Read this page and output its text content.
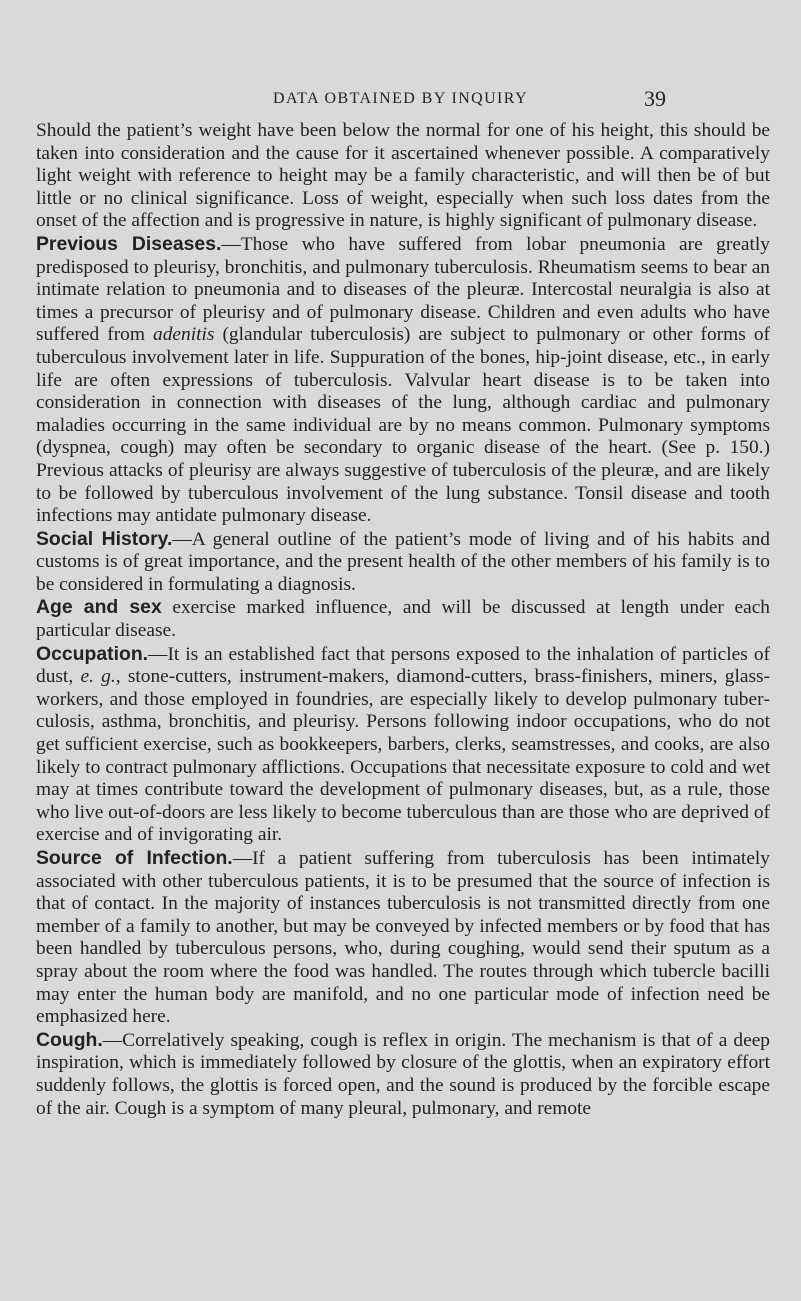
DATA OBTAINED BY INQUIRY	39

Should the patient’s weight have been below the normal for one of his height, this should be taken into consideration and the cause for it ascertained whenever possible. A comparatively light weight with reference to height may be a family characteristic, and will then be of but little or no clinical significance. Loss of weight, especially when such loss dates from the onset of the affection and is progressive in nature, is highly significant of pulmonary disease.

Previous Diseases.—Those who have suffered from lobar pneumonia are greatly predisposed to pleurisy, bronchitis, and pulmonary tuberculosis. Rheumatism seems to bear an intimate relation to pneumonia and to diseases of the pleuræ. Intercostal neuralgia is also at times a precursor of pleurisy and of pulmonary disease. Children and even adults who have suffered from adenitis (glandular tuberculosis) are subject to pulmonary or other forms of tuberculous involvement later in life. Suppuration of the bones, hip-joint disease, etc., in early life are often expressions of tuberculosis. Valvular heart disease is to be taken into consideration in connection with diseases of the lung, although cardiac and pulmonary maladies occurring in the same individual are by no means common. Pulmonary symptoms (dyspnea, cough) may often be secondary to organic disease of the heart. (See p. 150.) Previous attacks of pleurisy are always suggestive of tuberculosis of the pleuræ, and are likely to be followed by tuberculous involvement of the lung substance. Tonsil disease and tooth infections may antidate pulmonary disease.

Social History.—A general outline of the patient’s mode of living and of his habits and customs is of great importance, and the present health of the other members of his family is to be considered in formulating a diagnosis.

Age and sex exercise marked influence, and will be discussed at length under each particular disease.

Occupation.—It is an established fact that persons exposed to the inhalation of particles of dust, e. g., stone-cutters, instrument-makers, diamond-cutters, brass-finishers, miners, glass-workers, and those employed in foundries, are especially likely to develop pulmonary tuberculosis, asthma, bronchitis, and pleurisy. Persons following indoor occupations, who do not get sufficient exercise, such as bookkeepers, barbers, clerks, seamstresses, and cooks, are also likely to contract pulmonary afflictions. Occupations that necessitate exposure to cold and wet may at times contribute toward the development of pulmonary diseases, but, as a rule, those who live out-of-doors are less likely to become tuberculous than are those who are deprived of exercise and of invigorating air.

Source of Infection.—If a patient suffering from tuberculosis has been intimately associated with other tuberculous patients, it is to be presumed that the source of infection is that of contact. In the majority of instances tuberculosis is not transmitted directly from one member of a family to another, but may be conveyed by infected members or by food that has been handled by tuberculous persons, who, during coughing, would send their sputum as a spray about the room where the food was handled. The routes through which tubercle bacilli may enter the human body are manifold, and no one particular mode of infection need be emphasized here.

Cough.—Correlatively speaking, cough is reflex in origin. The mechanism is that of a deep inspiration, which is immediately followed by closure of the glottis, when an expiratory effort suddenly follows, the glottis is forced open, and the sound is produced by the forcible escape of the air. Cough is a symptom of many pleural, pulmonary, and remote
